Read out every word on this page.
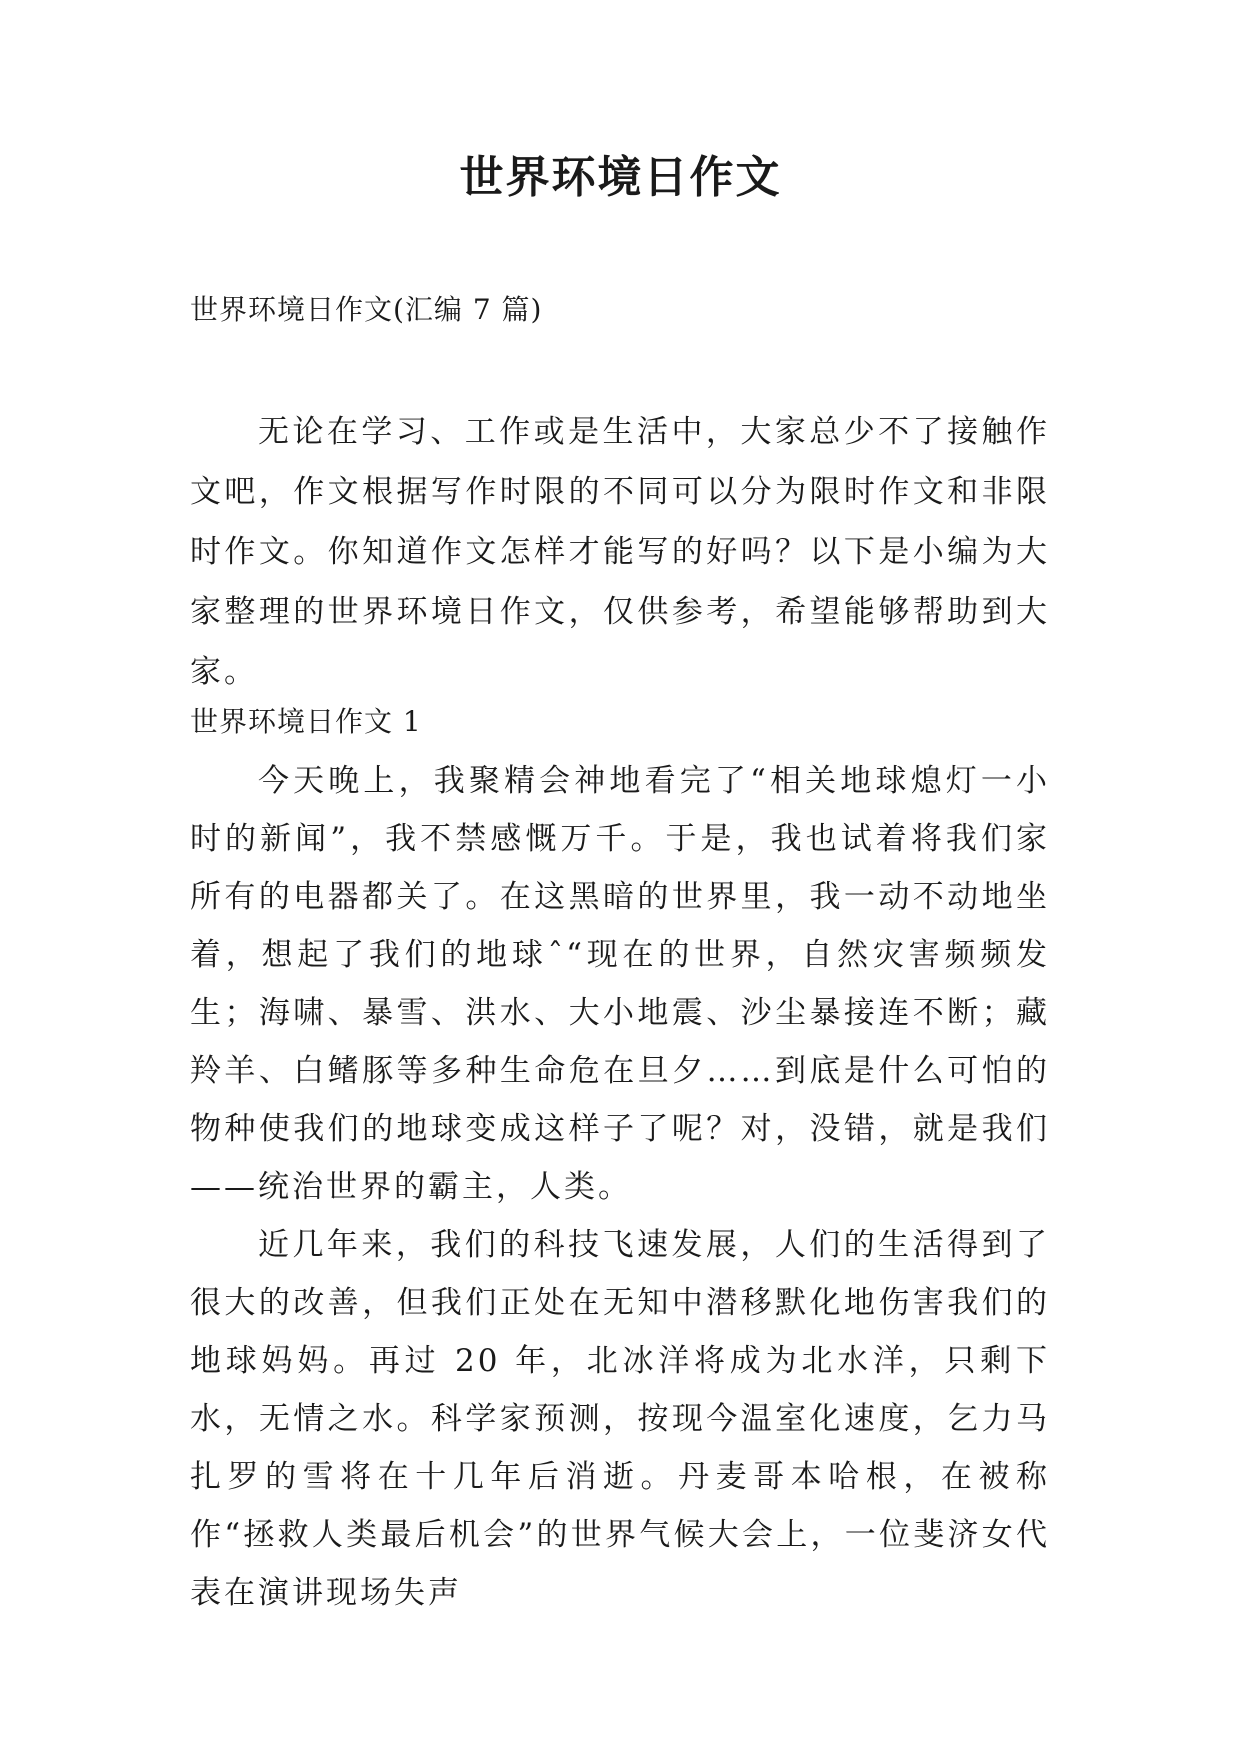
世界环境日作文
世界环境日作文(汇编 7 篇)

无论在学习、工作或是生活中，大家总少不了接触作文吧，作文根据写作时限的不同可以分为限时作文和非限时作文。你知道作文怎样才能写的好吗？以下是小编为大家整理的世界环境日作文，仅供参考，希望能够帮助到大家。

世界环境日作文 1

今天晚上，我聚精会神地看完了“相关地球熄灯一小时的新闻”，我不禁感慨万千。于是，我也试着将我们家所有的电器都关了。在这黑暗的世界里，我一动不动地坐着，想起了我们的地球ˆ“现在的世界，自然灾害频频发生；海啸、暴雪、洪水、大小地震、沙尘暴接连不断；藏羚羊、白鳍豚等多种生命危在旦夕……到底是什么可怕的物种使我们的地球变成这样子了呢？对，没错，就是我们——统治世界的霸主，人类。

近几年来，我们的科技飞速发展，人们的生活得到了很大的改善，但我们正处在无知中潜移默化地伤害我们的地球妈妈。再过 20 年，北冰洋将成为北水洋，只剩下水，无情之水。科学家预测，按现今温室化速度，乞力马扎罗的雪将在十几年后消逝。丹麦哥本哈根，在被称作“拯救人类最后机会”的世界气候大会上，一位斐济女代表在演讲现场失声
